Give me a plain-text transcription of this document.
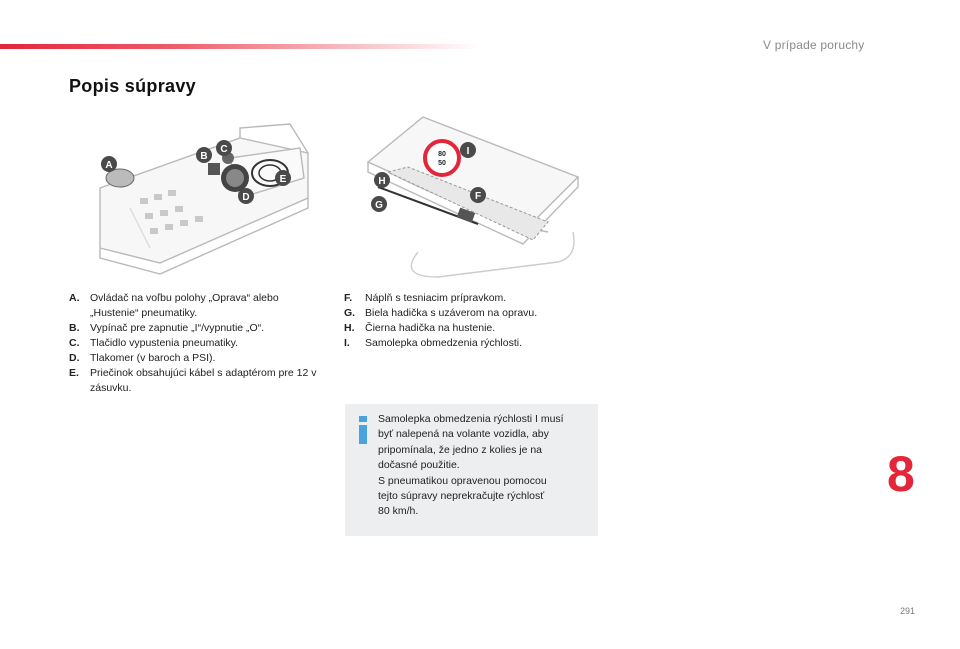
V prípade poruchy
Popis súpravy
A
B
C
D
E
80
50
H
I
F
G
A.	Ovládač na voľbu polohy „Oprava“ alebo „Hustenie“ pneumatiky.
B.	Vypínač pre zapnutie „I“/vypnutie „O“.
C.	Tlačidlo vypustenia pneumatiky.
D.	Tlakomer (v baroch a PSI).
E.	Priečinok obsahujúci kábel s adaptérom pre 12 v zásuvku.
F.	Náplň s tesniacim prípravkom.
G. Biela hadička s uzáverom na opravu.
H.	Čierna hadička na hustenie.
I.	Samolepka obmedzenia rýchlosti.
Samolepka obmedzenia rýchlosti I musí
byť nalepená na volante vozidla, aby
pripomínala, že jedno z kolies je na
dočasné použitie.
S pneumatikou opravenou pomocou
tejto súpravy neprekračujte rýchlosť
80 km/h.
8
291
